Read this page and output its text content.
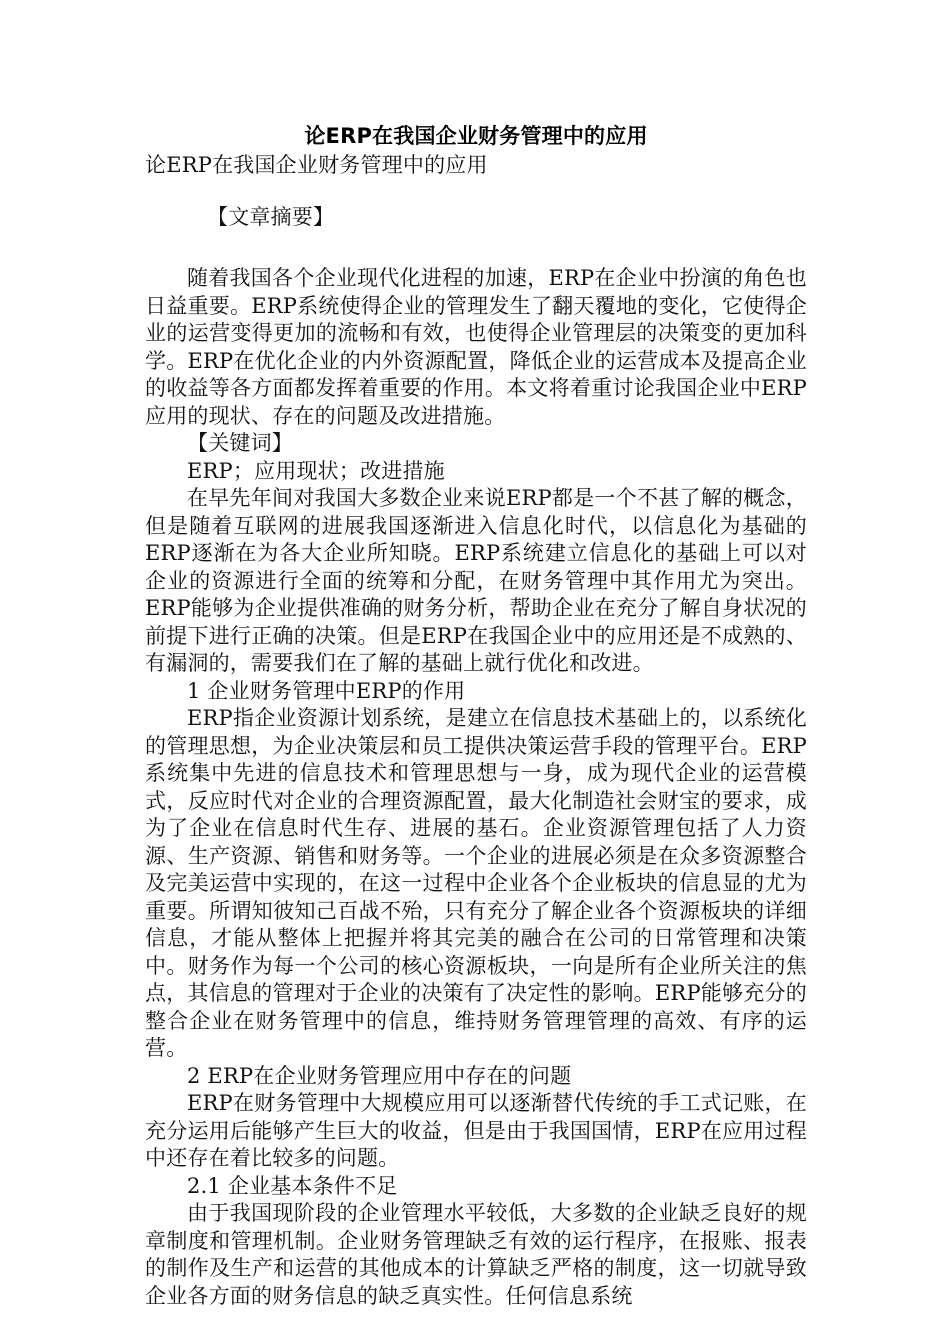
论ERP在我国企业财务管理中的应用

论ERP在我国企业财务管理中的应用

【文章摘要】

随着我国各个企业现代化进程的加速，ERP在企业中扮演的角色也日益重要。ERP系统使得企业的管理发生了翻天覆地的变化，它使得企业的运营变得更加的流畅和有效，也使得企业管理层的决策变的更加科学。ERP在优化企业的内外资源配置，降低企业的运营成本及提高企业的收益等各方面都发挥着重要的作用。本文将着重讨论我国企业中ERP应用的现状、存在的问题及改进措施。

【关键词】

ERP；应用现状；改进措施

在早先年间对我国大多数企业来说ERP都是一个不甚了解的概念，但是随着互联网的进展我国逐渐进入信息化时代，以信息化为基础的ERP逐渐在为各大企业所知晓。ERP系统建立信息化的基础上可以对企业的资源进行全面的统筹和分配，在财务管理中其作用尤为突出。ERP能够为企业提供准确的财务分析，帮助企业在充分了解自身状况的前提下进行正确的决策。但是ERP在我国企业中的应用还是不成熟的、有漏洞的，需要我们在了解的基础上就行优化和改进。

1 企业财务管理中ERP的作用

ERP指企业资源计划系统，是建立在信息技术基础上的，以系统化的管理思想，为企业决策层和员工提供决策运营手段的管理平台。ERP系统集中先进的信息技术和管理思想与一身，成为现代企业的运营模式，反应时代对企业的合理资源配置，最大化制造社会财宝的要求，成为了企业在信息时代生存、进展的基石。企业资源管理包括了人力资源、生产资源、销售和财务等。一个企业的进展必须是在众多资源整合及完美运营中实现的，在这一过程中企业各个企业板块的信息显的尤为重要。所谓知彼知己百战不殆，只有充分了解企业各个资源板块的详细信息，才能从整体上把握并将其完美的融合在公司的日常管理和决策中。财务作为每一个公司的核心资源板块，一向是所有企业所关注的焦点，其信息的管理对于企业的决策有了决定性的影响。ERP能够充分的整合企业在财务管理中的信息，维持财务管理管理的高效、有序的运营。

2 ERP在企业财务管理应用中存在的问题

ERP在财务管理中大规模应用可以逐渐替代传统的手工式记账，在充分运用后能够产生巨大的收益，但是由于我国国情，ERP在应用过程中还存在着比较多的问题。

2.1 企业基本条件不足

由于我国现阶段的企业管理水平较低，大多数的企业缺乏良好的规章制度和管理机制。企业财务管理缺乏有效的运行程序，在报账、报表的制作及生产和运营的其他成本的计算缺乏严格的制度，这一切就导致企业各方面的财务信息的缺乏真实性。任何信息系统
